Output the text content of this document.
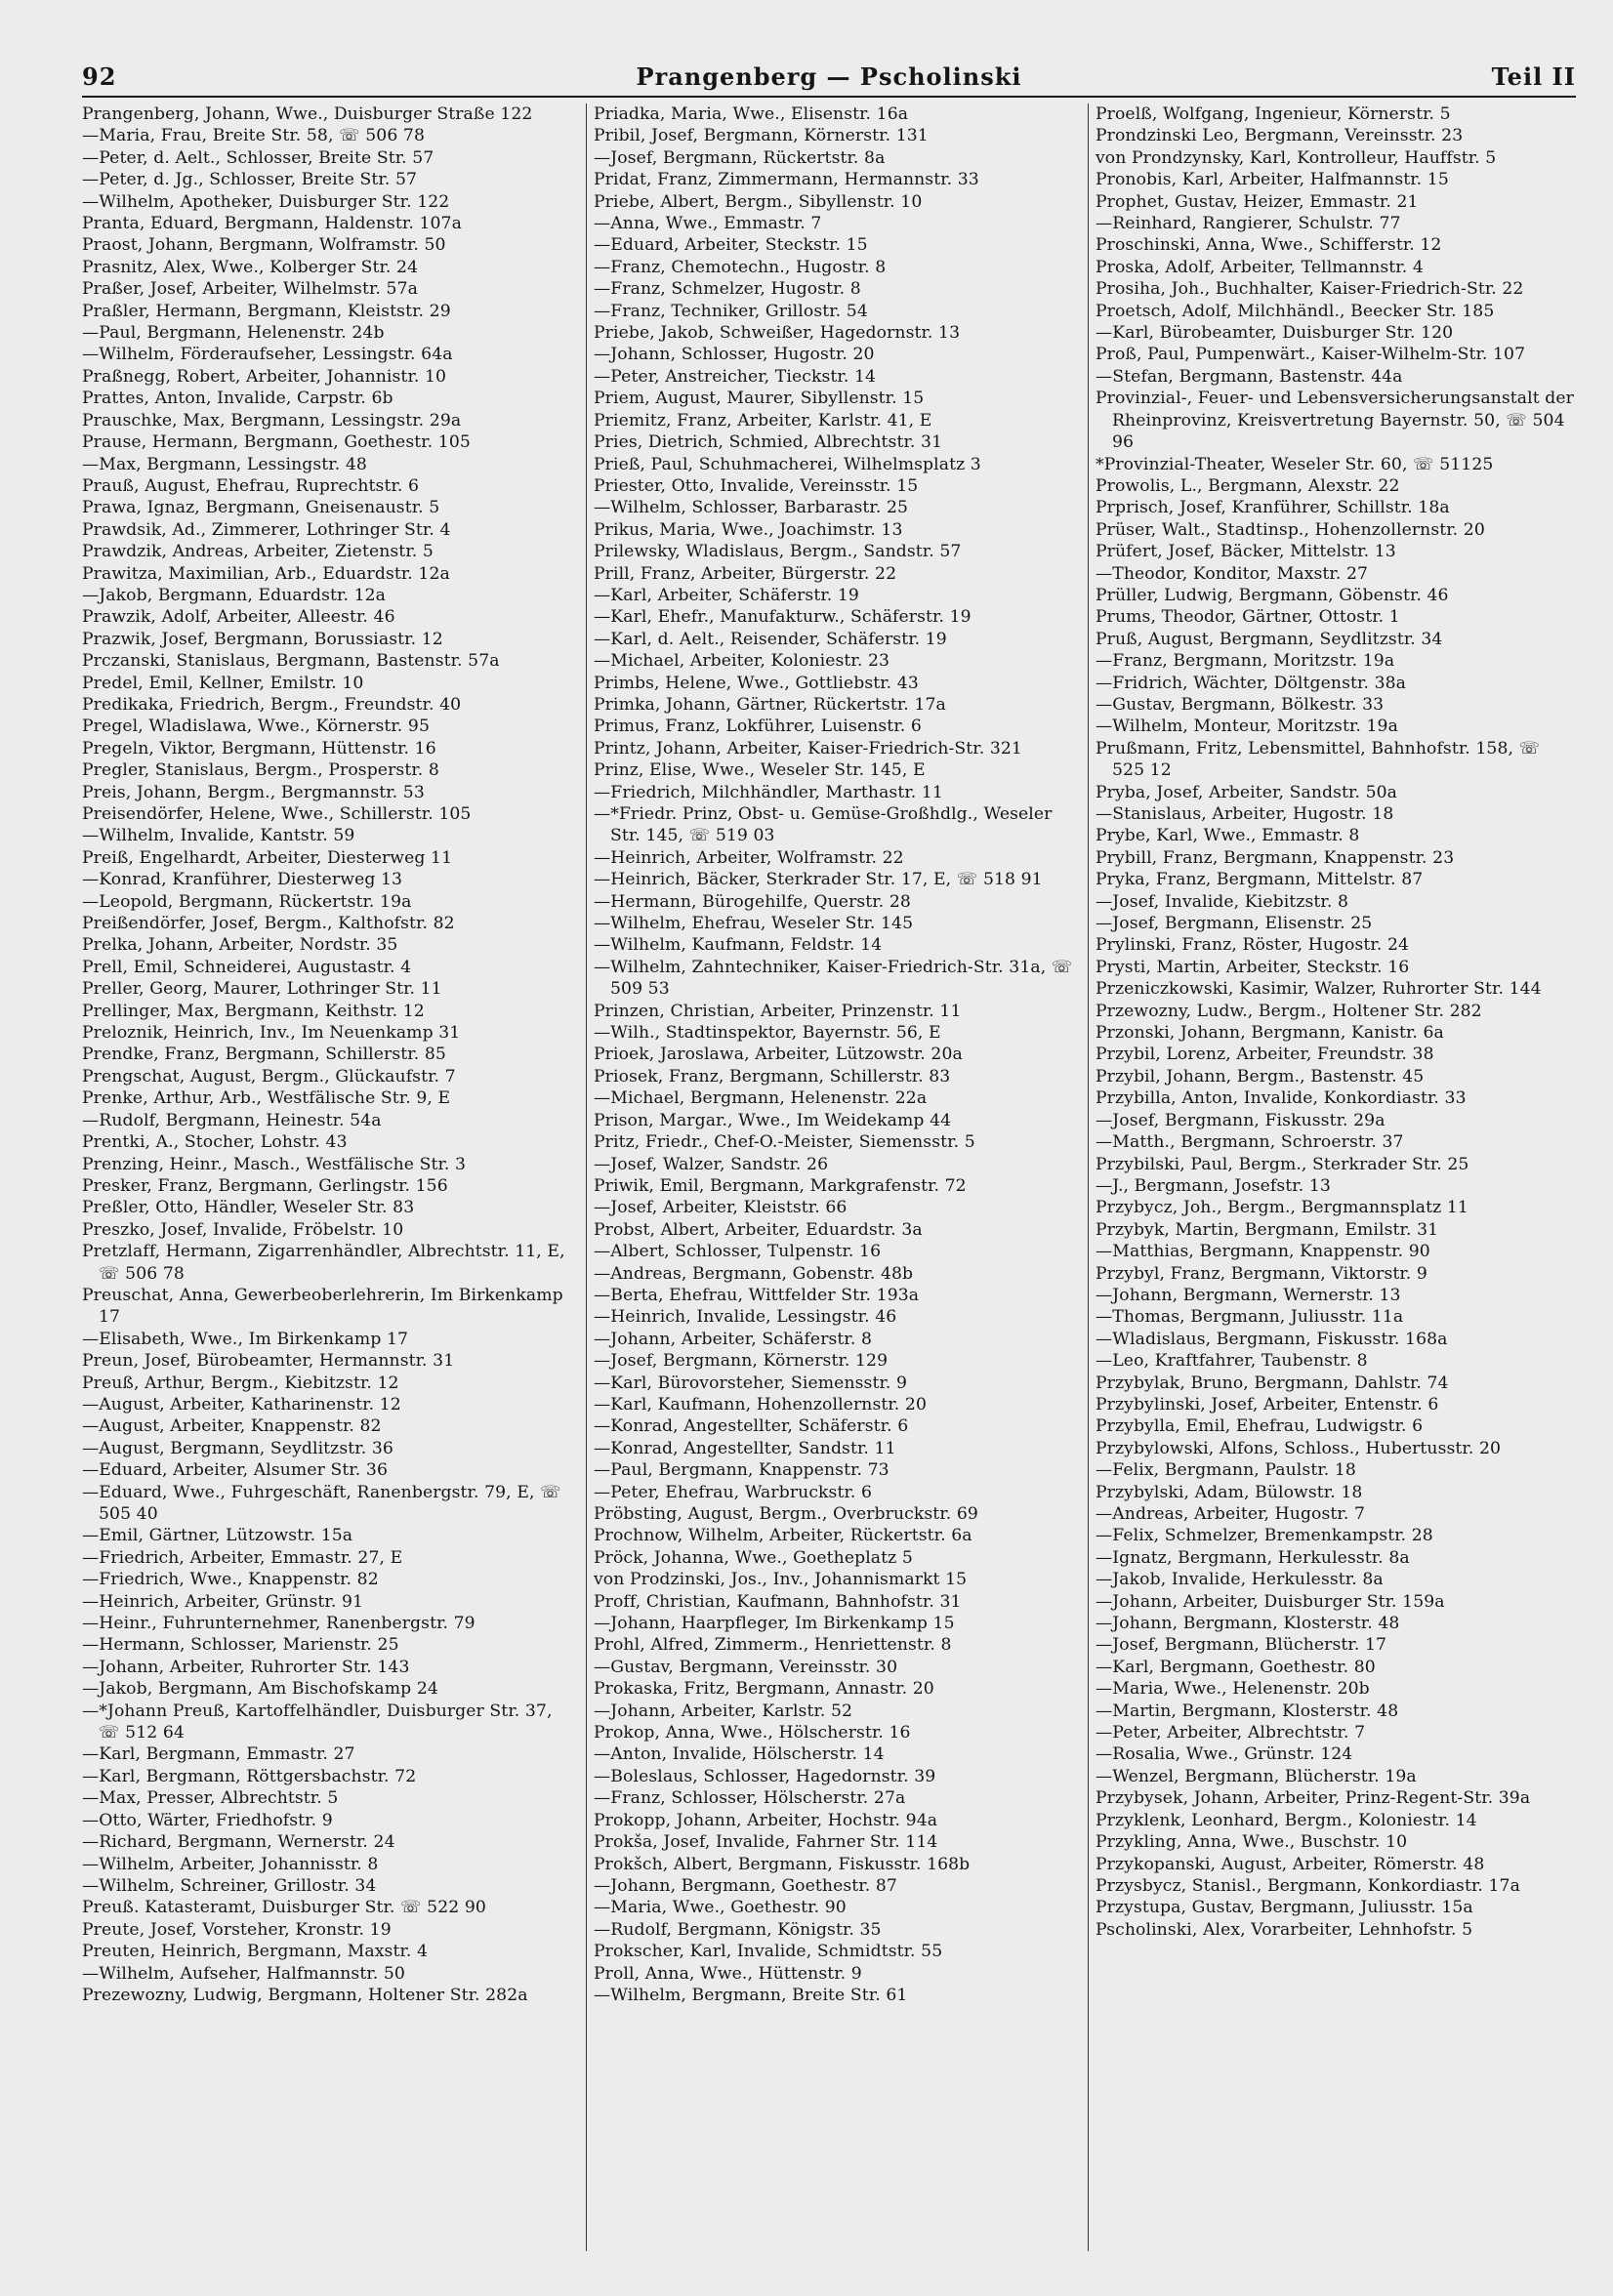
92	Prangenberg — Pscholinski	Teil II
Prangenberg, Johann, Wwe., Duisburger Straße 122
—Maria, Frau, Breite Str. 58, ☏ 506 78
—Peter, d. Aelt., Schlosser, Breite Str. 57
—Peter, d. Jg., Schlosser, Breite Str. 57
—Wilhelm, Apotheker, Duisburger Str. 122
Pranta, Eduard, Bergmann, Haldenstr. 107a
Praost, Johann, Bergmann, Wolframstr. 50
Prasnitz, Alex, Wwe., Kolberger Str. 24
Praßer, Josef, Arbeiter, Wilhelmstr. 57a
Praßler, Hermann, Bergmann, Kleiststr. 29
—Paul, Bergmann, Helenenstr. 24b
—Wilhelm, Förderaufseher, Lessingstr. 64a
Praßnegg, Robert, Arbeiter, Johannistr. 10
Prattes, Anton, Invalide, Carpstr. 6b
Prauschke, Max, Bergmann, Lessingstr. 29a
Prause, Hermann, Bergmann, Goethestr. 105
—Max, Bergmann, Lessingstr. 48
Prauß, August, Ehefrau, Ruprechtstr. 6
Prawa, Ignaz, Bergmann, Gneisenaustr. 5
Prawdsik, Ad., Zimmerer, Lothringer Str. 4
Prawdzik, Andreas, Arbeiter, Zietenstr. 5
Prawitza, Maximilian, Arb., Eduardstr. 12a
—Jakob, Bergmann, Eduardstr. 12a
Prawzik, Adolf, Arbeiter, Alleestr. 46
Prazwik, Josef, Bergmann, Borussiastr. 12
Prczanski, Stanislaus, Bergmann, Bastenstr. 57a
Predel, Emil, Kellner, Emilstr. 10
Predikaka, Friedrich, Bergm., Freundstr. 40
Pregel, Wladislawa, Wwe., Körnerstr. 95
Pregeln, Viktor, Bergmann, Hüttenstr. 16
Pregler, Stanislaus, Bergm., Prosperstr. 8
Preis, Johann, Bergm., Bergmannstr. 53
Preisendörfer, Helene, Wwe., Schillerstr. 105
—Wilhelm, Invalide, Kantstr. 59
Preiß, Engelhardt, Arbeiter, Diesterweg 11
—Konrad, Kranführer, Diesterweg 13
—Leopold, Bergmann, Rückertstr. 19a
Preißendörfer, Josef, Bergm., Kalthofstr. 82
Prelka, Johann, Arbeiter, Nordstr. 35
Prell, Emil, Schneiderei, Augustastr. 4
Preller, Georg, Maurer, Lothringer Str. 11
Prellinger, Max, Bergmann, Keithstr. 12
Preloznik, Heinrich, Inv., Im Neuenkamp 31
Prendke, Franz, Bergmann, Schillerstr. 85
Prengschat, August, Bergm., Glückaufstr. 7
Prenke, Arthur, Arb., Westfälische Str. 9, E
—Rudolf, Bergmann, Heinestr. 54a
Prentki, A., Stocher, Lohstr. 43
Prenzing, Heinr., Masch., Westfälische Str. 3
Presker, Franz, Bergmann, Gerlingstr. 156
Preßler, Otto, Händler, Weseler Str. 83
Preszko, Josef, Invalide, Fröbelstr. 10
Pretzlaff, Hermann, Zigarrenhändler, Albrechtstr. 11, E, ☏ 506 78
Preuschat, Anna, Gewerbeoberlehrerin, Im Birkenkamp 17
—Elisabeth, Wwe., Im Birkenkamp 17
Preun, Josef, Bürobeamter, Hermannstr. 31
Preuß, Arthur, Bergm., Kiebitzstr. 12
—August, Arbeiter, Katharinenstr. 12
—August, Arbeiter, Knappenstr. 82
—August, Bergmann, Seydlitzstr. 36
—Eduard, Arbeiter, Alsumer Str. 36
—Eduard, Wwe., Fuhrgeschäft, Ranenbergstr. 79, E, ☏ 505 40
—Emil, Gärtner, Lützowstr. 15a
—Friedrich, Arbeiter, Emmastr. 27, E
—Friedrich, Wwe., Knappenstr. 82
—Heinrich, Arbeiter, Grünstr. 91
—Heinr., Fuhrunternehmer, Ranenbergstr. 79
—Hermann, Schlosser, Marienstr. 25
—Johann, Arbeiter, Ruhrorter Str. 143
—Jakob, Bergmann, Am Bischofskamp 24
—*Johann Preuß, Kartoffelhändler, Duisburger Str. 37, ☏ 512 64
—Karl, Bergmann, Emmastr. 27
—Karl, Bergmann, Röttgersbachstr. 72
—Max, Presser, Albrechtstr. 5
—Otto, Wärter, Friedhofstr. 9
—Richard, Bergmann, Wernerstr. 24
—Wilhelm, Arbeiter, Johannisstr. 8
—Wilhelm, Schreiner, Grillostr. 34
Preuß. Katasteramt, Duisburger Str. ☏ 522 90
Preute, Josef, Vorsteher, Kronstr. 19
Preuten, Heinrich, Bergmann, Maxstr. 4
—Wilhelm, Aufseher, Halfmannstr. 50
Prezewozny, Ludwig, Bergmann, Holtener Str. 282a
Priadka, Maria, Wwe., Elisenstr. 16a
Pribil, Josef, Bergmann, Körnerstr. 131
—Josef, Bergmann, Rückertstr. 8a
Pridat, Franz, Zimmermann, Hermannstr. 33
Priebe, Albert, Bergm., Sibyllenstr. 10
—Anna, Wwe., Emmastr. 7
—Eduard, Arbeiter, Steckstr. 15
—Franz, Chemotechn., Hugostr. 8
—Franz, Schmelzer, Hugostr. 8
—Franz, Techniker, Grillostr. 54
Priebe, Jakob, Schweißer, Hagedornstr. 13
—Johann, Schlosser, Hugostr. 20
—Peter, Anstreicher, Tieckstr. 14
Priem, August, Maurer, Sibyllenstr. 15
Priemitz, Franz, Arbeiter, Karlstr. 41, E
Pries, Dietrich, Schmied, Albrechtstr. 31
Prieß, Paul, Schuhmacherei, Wilhelmsplatz 3
Priester, Otto, Invalide, Vereinsstr. 15
—Wilhelm, Schlosser, Barbarastr. 25
Prikus, Maria, Wwe., Joachimstr. 13
Prilewsky, Wladislaus, Bergm., Sandstr. 57
Prill, Franz, Arbeiter, Bürgerstr. 22
—Karl, Arbeiter, Schäferstr. 19
—Karl, Ehefr., Manufakturw., Schäferstr. 19
—Karl, d. Aelt., Reisender, Schäferstr. 19
—Michael, Arbeiter, Koloniestr. 23
Primbs, Helene, Wwe., Gottliebstr. 43
Primka, Johann, Gärtner, Rückertstr. 17a
Primus, Franz, Lokführer, Luisenstr. 6
Printz, Johann, Arbeiter, Kaiser-Friedrich-Str. 321
Prinz, Elise, Wwe., Weseler Str. 145, E
—Friedrich, Milchhändler, Marthastr. 11
—*Friedr. Prinz, Obst- u. Gemüse-Großhdlg., Weseler Str. 145, ☏ 519 03
—Heinrich, Arbeiter, Wolframstr. 22
—Heinrich, Bäcker, Sterkrader Str. 17, E, ☏ 518 91
—Hermann, Bürogehilfe, Querstr. 28
—Wilhelm, Ehefrau, Weseler Str. 145
—Wilhelm, Kaufmann, Feldstr. 14
—Wilhelm, Zahntechniker, Kaiser-Friedrich-Str. 31a, ☏ 509 53
Prinzen, Christian, Arbeiter, Prinzenstr. 11
—Wilh., Stadtinspektor, Bayernstr. 56, E
Prioek, Jaroslawa, Arbeiter, Lützowstr. 20a
Priosek, Franz, Bergmann, Schillerstr. 83
—Michael, Bergmann, Helenenstr. 22a
Prison, Margar., Wwe., Im Weidekamp 44
Pritz, Friedr., Chef-O.-Meister, Siemensstr. 5
—Josef, Walzer, Sandstr. 26
Priwik, Emil, Bergmann, Markgrafenstr. 72
—Josef, Arbeiter, Kleiststr. 66
Probst, Albert, Arbeiter, Eduardstr. 3a
—Albert, Schlosser, Tulpenstr. 16
—Andreas, Bergmann, Gobenstr. 48b
—Berta, Ehefrau, Wittfelder Str. 193a
—Heinrich, Invalide, Lessingstr. 46
—Johann, Arbeiter, Schäferstr. 8
—Josef, Bergmann, Körnerstr. 129
—Karl, Bürovorsteher, Siemensstr. 9
—Karl, Kaufmann, Hohenzollernstr. 20
—Konrad, Angestellter, Schäferstr. 6
—Konrad, Angestellter, Sandstr. 11
—Paul, Bergmann, Knappenstr. 73
—Peter, Ehefrau, Warbruckstr. 6
Pröbsting, August, Bergm., Overbruckstr. 69
Prochnow, Wilhelm, Arbeiter, Rückertstr. 6a
Pröck, Johanna, Wwe., Goetheplatz 5
von Prodzinski, Jos., Inv., Johannismarkt 15
Proff, Christian, Kaufmann, Bahnhofstr. 31
—Johann, Haarpfleger, Im Birkenkamp 15
Prohl, Alfred, Zimmerm., Henriettenstr. 8
—Gustav, Bergmann, Vereinsstr. 30
Prokaska, Fritz, Bergmann, Annastr. 20
—Johann, Arbeiter, Karlstr. 52
Prokop, Anna, Wwe., Hölscherstr. 16
—Anton, Invalide, Hölscherstr. 14
—Boleslaus, Schlosser, Hagedornstr. 39
—Franz, Schlosser, Hölscherstr. 27a
Prokopp, Johann, Arbeiter, Hochstr. 94a
Prokša, Josef, Invalide, Fahrner Str. 114
Prokšch, Albert, Bergmann, Fiskusstr. 168b
—Johann, Bergmann, Goethestr. 87
—Maria, Wwe., Goethestr. 90
—Rudolf, Bergmann, Königstr. 35
Prokscher, Karl, Invalide, Schmidtstr. 55
Proll, Anna, Wwe., Hüttenstr. 9
—Wilhelm, Bergmann, Breite Str. 61
Proelß, Wolfgang, Ingenieur, Körnerstr. 5
Prondzinski Leo, Bergmann, Vereinsstr. 23
von Prondzynsky, Karl, Kontrolleur, Hauffstr. 5
Pronobis, Karl, Arbeiter, Halfmannstr. 15
Prophet, Gustav, Heizer, Emmastr. 21
—Reinhard, Rangierer, Schulstr. 77
Proschinski, Anna, Wwe., Schifferstr. 12
Proska, Adolf, Arbeiter, Tellmannstr. 4
Prosiha, Joh., Buchhalter, Kaiser-Friedrich-Str. 22
Proetsch, Adolf, Milchhändl., Beecker Str. 185
—Karl, Bürobeamter, Duisburger Str. 120
Proß, Paul, Pumpenwärt., Kaiser-Wilhelm-Str. 107
—Stefan, Bergmann, Bastenstr. 44a
Provinzial-, Feuer- und Lebensversicherungsanstalt der Rheinprovinz, Kreisvertretung Bayernstr. 50, ☏ 504 96
*Provinzial-Theater, Weseler Str. 60, ☏ 51125
Prowolis, L., Bergmann, Alexstr. 22
Prprisch, Josef, Kranführer, Schillstr. 18a
Prüser, Walt., Stadtinsp., Hohenzollernstr. 20
Prüfert, Josef, Bäcker, Mittelstr. 13
—Theodor, Konditor, Maxstr. 27
Prüller, Ludwig, Bergmann, Göbenstr. 46
Prums, Theodor, Gärtner, Ottostr. 1
Pruß, August, Bergmann, Seydlitzstr. 34
—Franz, Bergmann, Moritzstr. 19a
—Fridrich, Wächter, Döltgenstr. 38a
—Gustav, Bergmann, Bölkestr. 33
—Wilhelm, Monteur, Moritzstr. 19a
Prußmann, Fritz, Lebensmittel, Bahnhofstr. 158, ☏ 525 12
Pryba, Josef, Arbeiter, Sandstr. 50a
—Stanislaus, Arbeiter, Hugostr. 18
Prybe, Karl, Wwe., Emmastr. 8
Prybill, Franz, Bergmann, Knappenstr. 23
Pryka, Franz, Bergmann, Mittelstr. 87
—Josef, Invalide, Kiebitzstr. 8
—Josef, Bergmann, Elisenstr. 25
Prylinski, Franz, Röster, Hugostr. 24
Prysti, Martin, Arbeiter, Steckstr. 16
Przeniczkowski, Kasimir, Walzer, Ruhrorter Str. 144
Przewozny, Ludw., Bergm., Holtener Str. 282
Przonski, Johann, Bergmann, Kanistr. 6a
Przybil, Lorenz, Arbeiter, Freundstr. 38
Przybil, Johann, Bergm., Bastenstr. 45
Przybilla, Anton, Invalide, Konkordiastr. 33
—Josef, Bergmann, Fiskusstr. 29a
—Matth., Bergmann, Schroerstr. 37
Przybilski, Paul, Bergm., Sterkrader Str. 25
—J., Bergmann, Josefstr. 13
Przybycz, Joh., Bergm., Bergmannsplatz 11
Przybyk, Martin, Bergmann, Emilstr. 31
—Matthias, Bergmann, Knappenstr. 90
Przybyl, Franz, Bergmann, Viktorstr. 9
—Johann, Bergmann, Wernerstr. 13
—Thomas, Bergmann, Juliusstr. 11a
—Wladislaus, Bergmann, Fiskusstr. 168a
—Leo, Kraftfahrer, Taubenstr. 8
Przybylak, Bruno, Bergmann, Dahlstr. 74
Przybylinski, Josef, Arbeiter, Entenstr. 6
Przybylla, Emil, Ehefrau, Ludwigstr. 6
Przybylowski, Alfons, Schloss., Hubertusstr. 20
—Felix, Bergmann, Paulstr. 18
Przybylski, Adam, Bülowstr. 18
—Andreas, Arbeiter, Hugostr. 7
—Felix, Schmelzer, Bremenkampstr. 28
—Ignatz, Bergmann, Herkulesstr. 8a
—Jakob, Invalide, Herkulesstr. 8a
—Johann, Arbeiter, Duisburger Str. 159a
—Johann, Bergmann, Klosterstr. 48
—Josef, Bergmann, Blücherstr. 17
—Karl, Bergmann, Goethestr. 80
—Maria, Wwe., Helenenstr. 20b
—Martin, Bergmann, Klosterstr. 48
—Peter, Arbeiter, Albrechtstr. 7
—Rosalia, Wwe., Grünstr. 124
—Wenzel, Bergmann, Blücherstr. 19a
Przybysek, Johann, Arbeiter, Prinz-Regent-Str. 39a
Przyklenk, Leonhard, Bergm., Koloniestr. 14
Przykling, Anna, Wwe., Buschstr. 10
Przykopanski, August, Arbeiter, Römerstr. 48
Przysbycz, Stanisl., Bergmann, Konkordiastr. 17a
Przystupa, Gustav, Bergmann, Juliusstr. 15a
Pscholinski, Alex, Vorarbeiter, Lehnhofstr. 5
